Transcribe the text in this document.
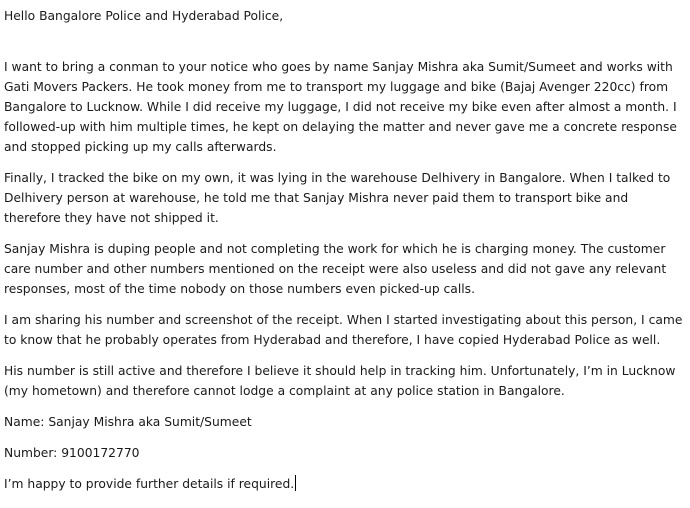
Hello Bangalore Police and Hyderabad Police,

I want to bring a conman to your notice who goes by name Sanjay Mishra aka Sumit/Sumeet and works with Gati Movers Packers. He took money from me to transport my luggage and bike (Bajaj Avenger 220cc) from Bangalore to Lucknow. While I did receive my luggage, I did not receive my bike even after almost a month. I followed-up with him multiple times, he kept on delaying the matter and never gave me a concrete response and stopped picking up my calls afterwards.

Finally, I tracked the bike on my own, it was lying in the warehouse Delhivery in Bangalore. When I talked to Delhivery person at warehouse, he told me that Sanjay Mishra never paid them to transport bike and therefore they have not shipped it.

Sanjay Mishra is duping people and not completing the work for which he is charging money. The customer care number and other numbers mentioned on the receipt were also useless and did not gave any relevant responses, most of the time nobody on those numbers even picked-up calls.

I am sharing his number and screenshot of the receipt. When I started investigating about this person, I came to know that he probably operates from Hyderabad and therefore, I have copied Hyderabad Police as well.

His number is still active and therefore I believe it should help in tracking him. Unfortunately, I’m in Lucknow (my hometown) and therefore cannot lodge a complaint at any police station in Bangalore.

Name: Sanjay Mishra aka Sumit/Sumeet

Number: 9100172770

I’m happy to provide further details if required.
